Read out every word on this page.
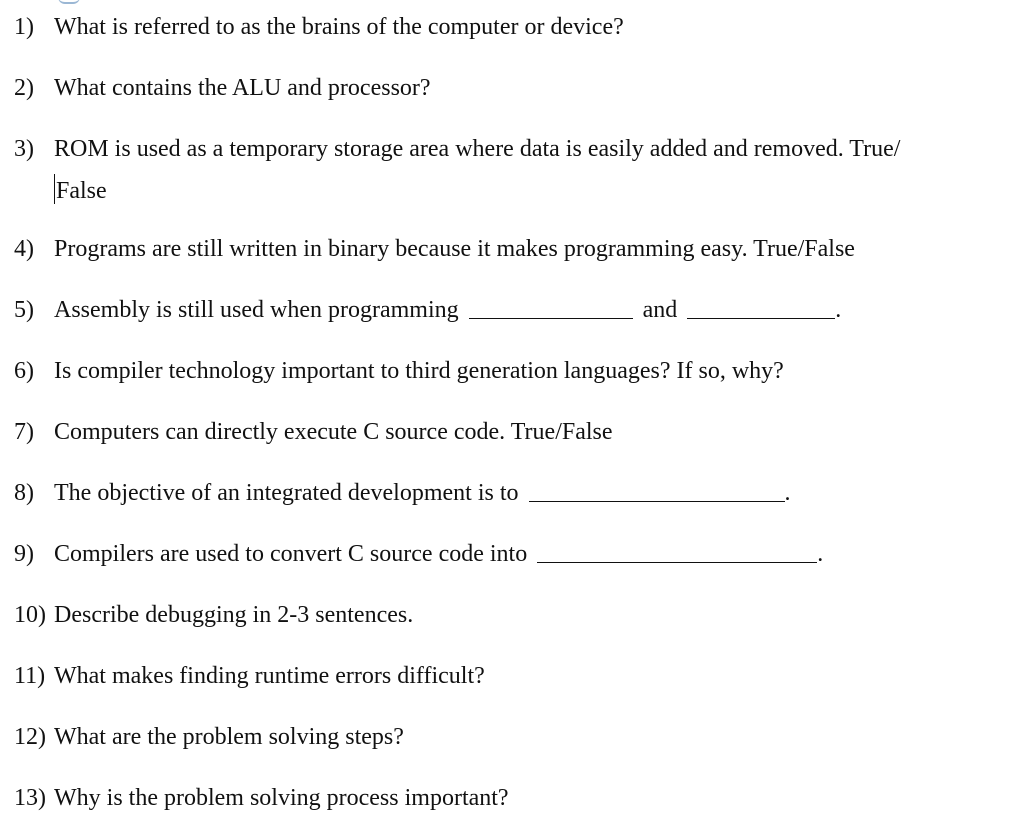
1) What is referred to as the brains of the computer or device?
2) What contains the ALU and processor?
3) ROM is used as a temporary storage area where data is easily added and removed. True/
False
4) Programs are still written in binary because it makes programming easy. True/False
5) Assembly is still used when programming	and	.
6) Is compiler technology important to third generation languages? If so, why?
7) Computers can directly execute C source code. True/False
8) The objective of an integrated development is to	.
9) Compilers are used to convert C source code into	.
10) Describe debugging in 2-3 sentences.
11) What makes finding runtime errors difficult?
12) What are the problem solving steps?
13) Why is the problem solving process important?
